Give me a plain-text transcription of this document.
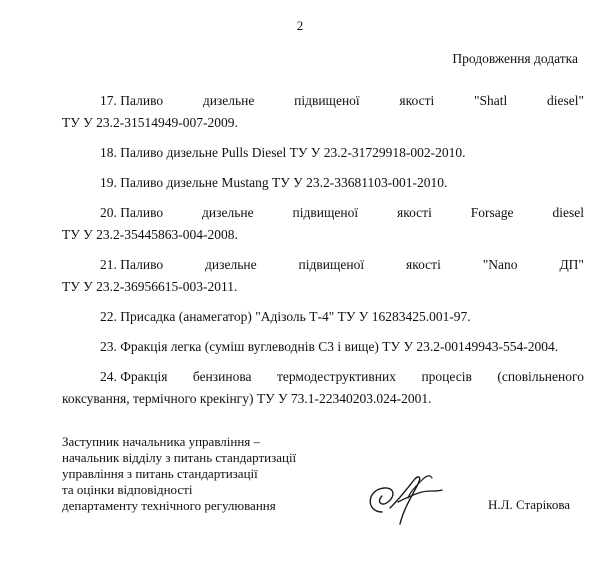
2
Продовження додатка
17. Паливо	дизельне	підвищеної	якості	"Shatl	diesel"
ТУ У 23.2-31514949-007-2009.
18. Паливо дизельне Pulls Diesel ТУ У 23.2-31729918-002-2010.
19. Паливо дизельне Mustang ТУ У 23.2-33681103-001-2010.
20. Паливо	дизельне	підвищеної	якості	Forsage	diesel
ТУ У 23.2-35445863-004-2008.
21. Паливо	дизельне	підвищеної	якості	"Nano	ДП"
ТУ У 23.2-36956615-003-2011.
22. Присадка (анамегатор) "Адізоль Т-4" ТУ У 16283425.001-97.
23. Фракція легка (суміш вуглеводнів С3 і вище) ТУ У 23.2-00149943-554-2004.
24. Фракція бензинова термодеструктивних процесів (сповільненого
коксування, термічного крекінгу) ТУ У 73.1-22340203.024-2001.
Заступник начальника управління –
начальник відділу з питань стандартизації
управління з питань стандартизації
та оцінки відповідності
департаменту технічного регулювання	Н.Л. Старікова
